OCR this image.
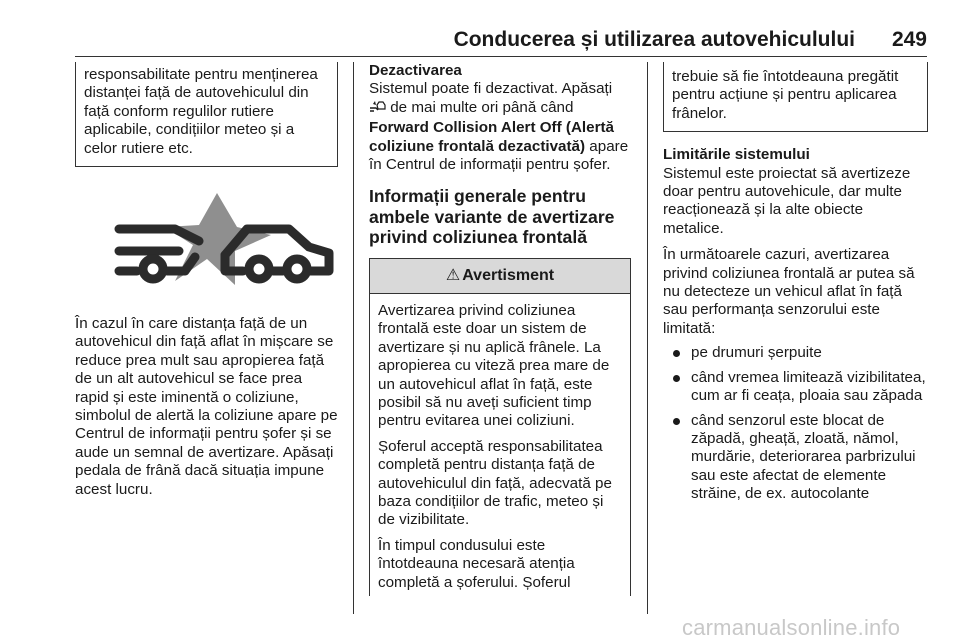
Conducerea și utilizarea autovehiculului 249

responsabilitate pentru menținerea distanței față de autovehiculul din față conform regulilor rutiere aplicabile, condițiilor meteo și a celor rutiere etc.

În cazul în care distanța față de un autovehicul din față aflat în mișcare se reduce prea mult sau apropierea față de un alt autovehicul se face prea rapid și este iminentă o coliziune, simbolul de alertă la coliziune apare pe Centrul de informații pentru șofer și se aude un semnal de avertizare. Apăsați pedala de frână dacă situația impune acest lucru.

Dezactivarea

Sistemul poate fi dezactivat. Apăsați  de mai multe ori până când Forward Collision Alert Off (Alertă coliziune frontală dezactivată) apare în Centrul de informații pentru șofer.

Informații generale pentru ambele variante de avertizare privind coliziunea frontală

⚠ Avertisment

Avertizarea privind coliziunea frontală este doar un sistem de avertizare și nu aplică frânele. La apropierea cu viteză prea mare de un autovehicul aflat în față, este posibil să nu aveți suficient timp pentru evitarea unei coliziuni.

Șoferul acceptă responsabilitatea completă pentru distanța față de autovehiculul din față, adecvată pe baza condițiilor de trafic, meteo și de vizibilitate.

În timpul condusului este întotdeauna necesară atenția completă a șoferului. Șoferul

trebuie să fie întotdeauna pregătit pentru acțiune și pentru aplicarea frânelor.

Limitările sistemului

Sistemul este proiectat să avertizeze doar pentru autovehicule, dar multe reacționează și la alte obiecte metalice.

În următoarele cazuri, avertizarea privind coliziunea frontală ar putea să nu detecteze un vehicul aflat în față sau performanța senzorului este limitată:

pe drumuri șerpuite
când vremea limitează vizibilitatea, cum ar fi ceața, ploaia sau zăpada
când senzorul este blocat de zăpadă, gheață, zloată, nămol, murdărie, deteriorarea parbrizului sau este afectat de elemente străine, de ex. autocolante
carmanualsonline.info
